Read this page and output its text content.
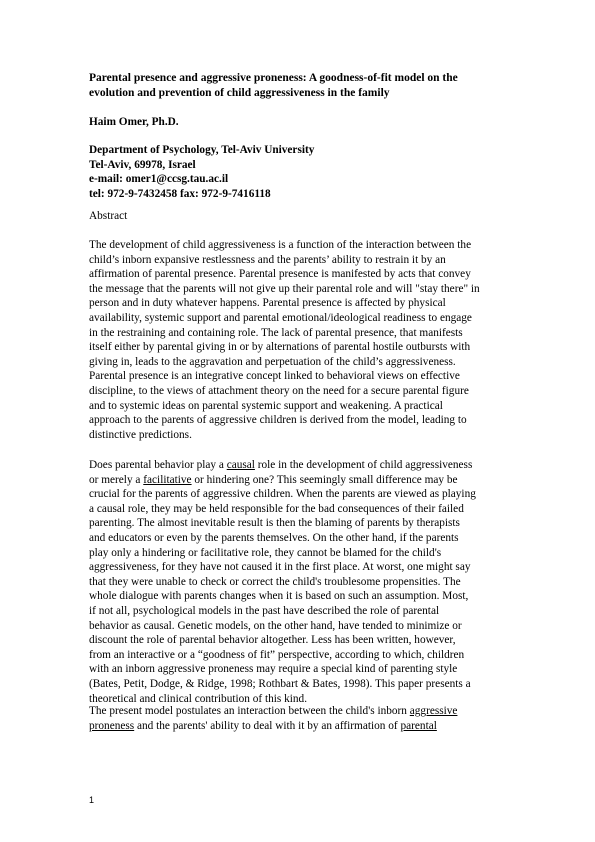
Parental presence and aggressive proneness: A goodness-of-fit model on the
evolution and prevention of child aggressiveness in the family
Haim Omer, Ph.D.
Department of Psychology, Tel-Aviv University
Tel-Aviv, 69978, Israel
e-mail: omer1@ccsg.tau.ac.il
tel: 972-9-7432458 fax: 972-9-7416118
Abstract
The development of child aggressiveness is a function of the interaction between the
child’s inborn expansive restlessness and the parents’ ability to restrain it by an
affirmation of parental presence. Parental presence is manifested by acts that convey
the message that the parents will not give up their parental role and will "stay there" in
person and in duty whatever happens. Parental presence is affected by physical
availability, systemic support and parental emotional/ideological readiness to engage
in the restraining and containing role. The lack of parental presence, that manifests
itself either by parental giving in or by alternations of parental hostile outbursts with
giving in, leads to the aggravation and perpetuation of the child’s aggressiveness.
Parental presence is an integrative concept linked to behavioral views on effective
discipline, to the views of attachment theory on the need for a secure parental figure
and to systemic ideas on parental systemic support and weakening. A practical
approach to the parents of aggressive children is derived from the model, leading to
distinctive predictions.
Does parental behavior play a causal role in the development of child aggressiveness
or merely a facilitative or hindering one? This seemingly small difference may be
crucial for the parents of aggressive children. When the parents are viewed as playing
a causal role, they may be held responsible for the bad consequences of their failed
parenting. The almost inevitable result is then the blaming of parents by therapists
and educators or even by the parents themselves. On the other hand, if the parents
play only a hindering or facilitative role, they cannot be blamed for the child's
aggressiveness, for they have not caused it in the first place. At worst, one might say
that they were unable to check or correct the child's troublesome propensities. The
whole dialogue with parents changes when it is based on such an assumption. Most,
if not all, psychological models in the past have described the role of parental
behavior as causal. Genetic models, on the other hand, have tended to minimize or
discount the role of parental behavior altogether. Less has been written, however,
from an interactive or a “goodness of fit” perspective, according to which, children
with an inborn aggressive proneness may require a special kind of parenting style
(Bates, Petit, Dodge, & Ridge, 1998; Rothbart & Bates, 1998). This paper presents a
theoretical and clinical contribution of this kind.
The present model postulates an interaction between the child's inborn aggressive
proneness and the parents' ability to deal with it by an affirmation of parental
1
